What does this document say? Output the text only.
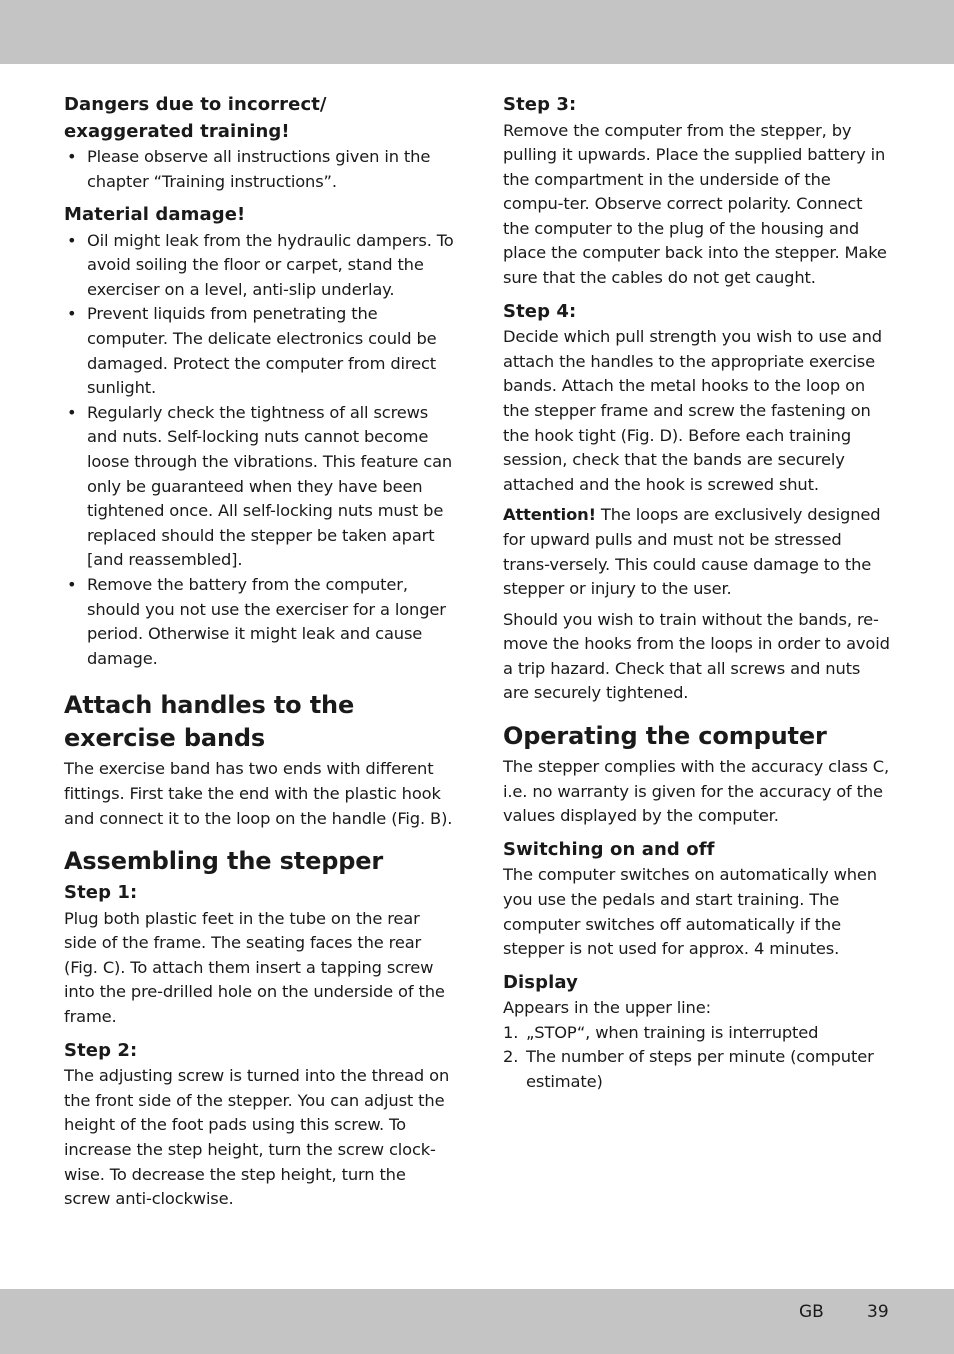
Dangers due to incorrect/ exaggerated training!

• Please observe all instructions given in the chapter “Training instructions”.

Material damage!

• Oil might leak from the hydraulic dampers. To avoid soiling the floor or carpet, stand the exerciser on a level, anti-slip underlay.
• Prevent liquids from penetrating the computer. The delicate electronics could be damaged. Protect the computer from direct sunlight.
• Regularly check the tightness of all screws and nuts. Self-locking nuts cannot become loose through the vibrations. This feature can only be guaranteed when they have been tightened once. All self-locking nuts must be replaced should the stepper be taken apart [and reassembled].
• Remove the battery from the computer, should you not use the exerciser for a longer period. Otherwise it might leak and cause damage.

Attach handles to the exercise bands

The exercise band has two ends with different fittings. First take the end with the plastic hook and connect it to the loop on the handle (Fig. B).

Assembling the stepper

Step 1:

Plug both plastic feet in the tube on the rear side of the frame. The seating faces the rear (Fig. C). To attach them insert a tapping screw into the pre-drilled hole on the underside of the frame.

Step 2:

The adjusting screw is turned into the thread on the front side of the stepper. You can adjust the height of the foot pads using this screw. To increase the step height, turn the screw clock-wise. To decrease the step height, turn the screw anti-clockwise.

Step 3:

Remove the computer from the stepper, by pulling it upwards. Place the supplied battery in the compartment in the underside of the compu-ter. Observe correct polarity. Connect the computer to the plug of the housing and place the computer back into the stepper. Make sure that the cables do not get caught.

Step 4:

Decide which pull strength you wish to use and attach the handles to the appropriate exercise bands. Attach the metal hooks to the loop on the stepper frame and screw the fastening on the hook tight (Fig. D). Before each training session, check that the bands are securely attached and the hook is screwed shut.

Attention! The loops are exclusively designed for upward pulls and must not be stressed trans-versely. This could cause damage to the stepper or injury to the user.

Should you wish to train without the bands, re-move the hooks from the loops in order to avoid a trip hazard. Check that all screws and nuts are securely tightened.

Operating the computer

The stepper complies with the accuracy class C, i.e. no warranty is given for the accuracy of the values displayed by the computer.

Switching on and off

The computer switches on automatically when you use the pedals and start training. The computer switches off automatically if the stepper is not used for approx. 4 minutes.

Display

Appears in the upper line:

1. „STOP“, when training is interrupted
2. The number of steps per minute (computer estimate)
GB	39
